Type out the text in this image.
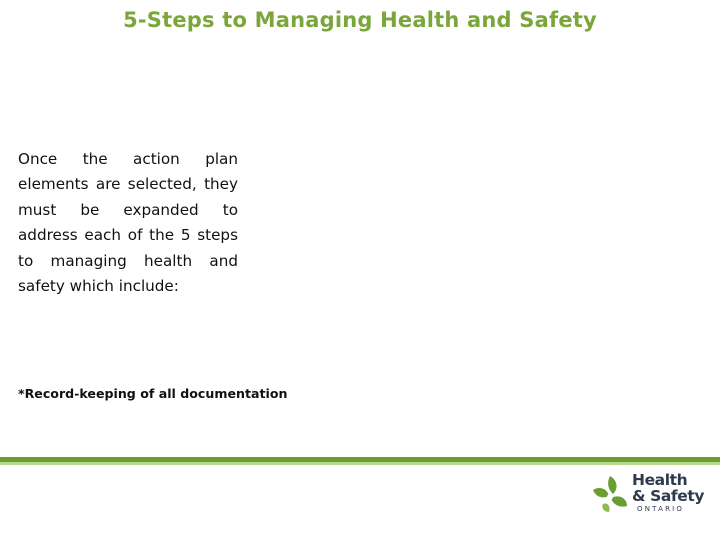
5-Steps to Managing Health and Safety
Once the action plan elements are selected, they must be expanded to address each of the 5 steps to managing health and safety which include:
*Record-keeping of all documentation
Health
& Safety
ONTARIO
